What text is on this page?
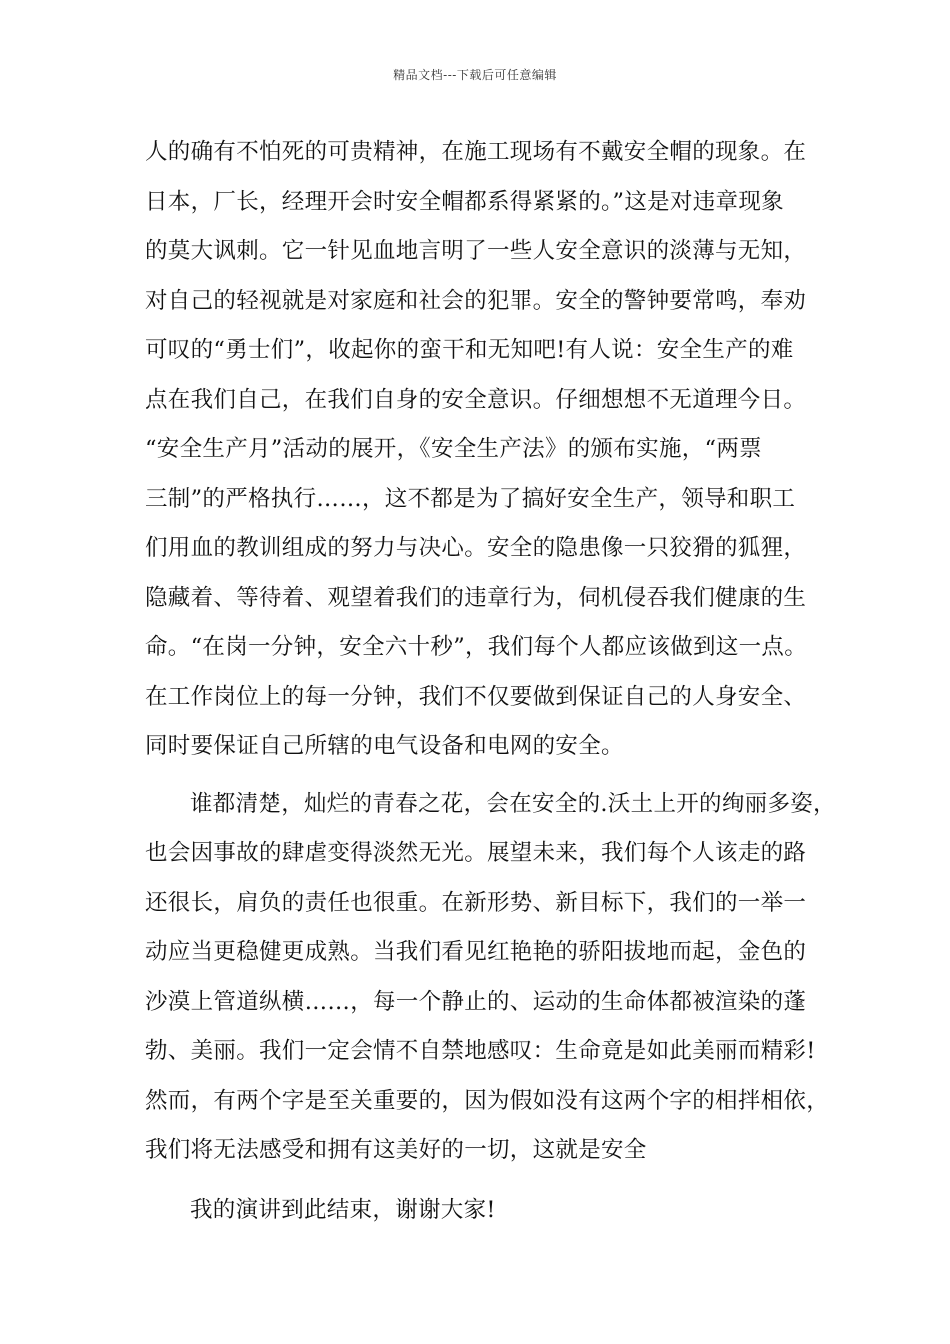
精品文档---下载后可任意编辑
人的确有不怕死的可贵精神，在施工现场有不戴安全帽的现象。在
日本，厂长，经理开会时安全帽都系得紧紧的。”这是对违章现象
的莫大讽刺。它一针见血地言明了一些人安全意识的淡薄与无知，
对自己的轻视就是对家庭和社会的犯罪。安全的警钟要常鸣，奉劝
可叹的“勇士们”，收起你的蛮干和无知吧!有人说：安全生产的难
点在我们自己，在我们自身的安全意识。仔细想想不无道理今日。
“安全生产月”活动的展开，《安全生产法》的颁布实施，“两票
三制”的严格执行……，这不都是为了搞好安全生产，领导和职工
们用血的教训组成的努力与决心。安全的隐患像一只狡猾的狐狸，
隐藏着、等待着、观望着我们的违章行为，伺机侵吞我们健康的生
命。“在岗一分钟，安全六十秒”，我们每个人都应该做到这一点。
在工作岗位上的每一分钟，我们不仅要做到保证自己的人身安全、
同时要保证自己所辖的电气设备和电网的安全。
谁都清楚，灿烂的青春之花，会在安全的.沃土上开的绚丽多姿，
也会因事故的肆虐变得淡然无光。展望未来，我们每个人该走的路
还很长，肩负的责任也很重。在新形势、新目标下，我们的一举一
动应当更稳健更成熟。当我们看见红艳艳的骄阳拔地而起，金色的
沙漠上管道纵横……，每一个静止的、运动的生命体都被渲染的蓬
勃、美丽。我们一定会情不自禁地感叹：生命竟是如此美丽而精彩!
然而，有两个字是至关重要的，因为假如没有这两个字的相拌相依，
我们将无法感受和拥有这美好的一切，这就是安全
我的演讲到此结束，谢谢大家!
